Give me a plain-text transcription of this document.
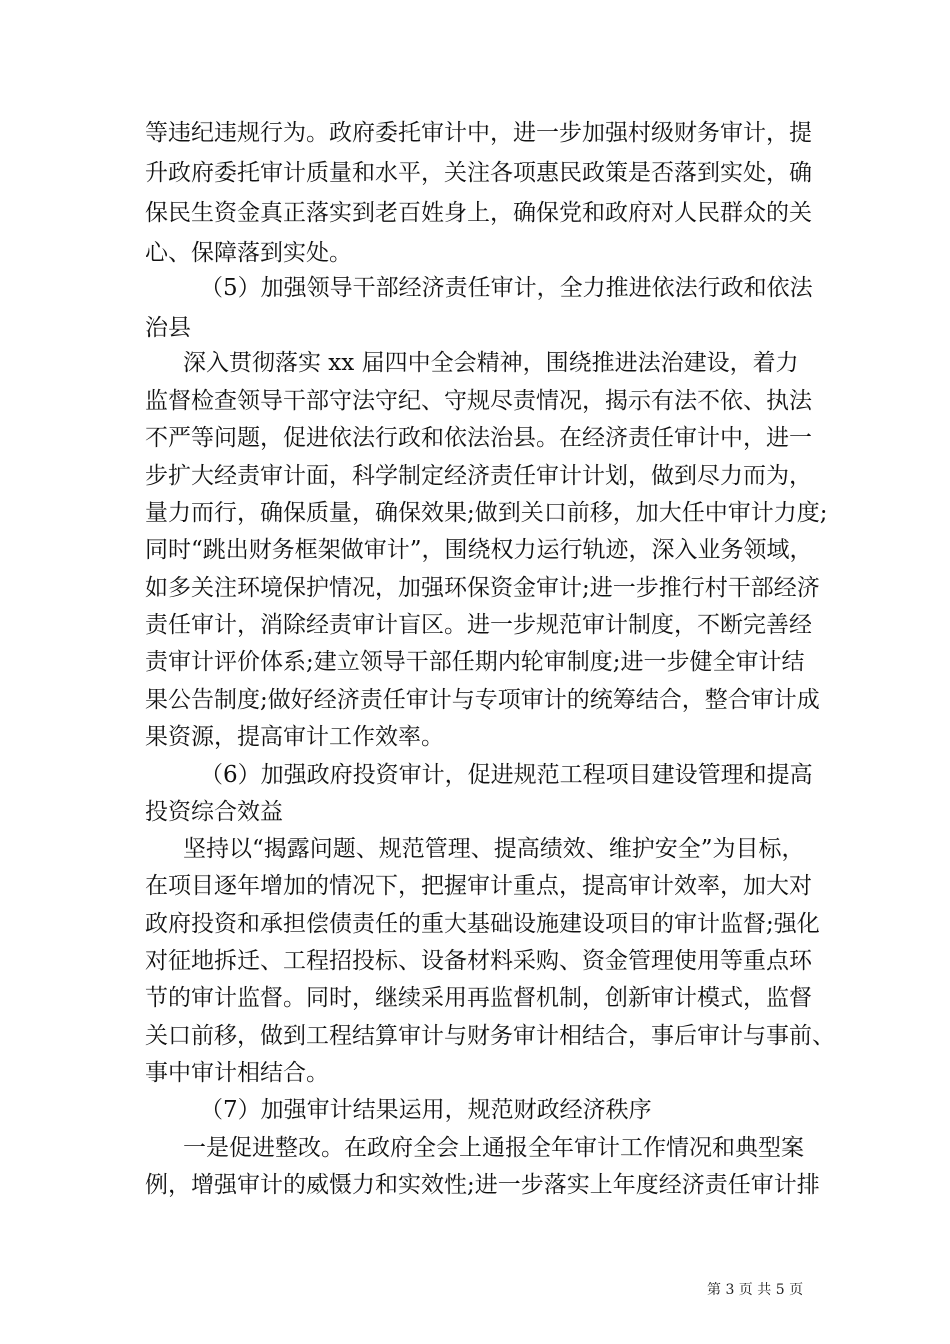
等违纪违规行为。政府委托审计中，进一步加强村级财务审计，提
升政府委托审计质量和水平，关注各项惠民政策是否落到实处，确
保民生资金真正落实到老百姓身上，确保党和政府对人民群众的关
心、保障落到实处。
（5）加强领导干部经济责任审计，全力推进依法行政和依法
治县
深入贯彻落实 xx 届四中全会精神，围绕推进法治建设，着力
监督检查领导干部守法守纪、守规尽责情况，揭示有法不依、执法
不严等问题，促进依法行政和依法治县。在经济责任审计中，进一
步扩大经责审计面，科学制定经济责任审计计划，做到尽力而为，
量力而行，确保质量，确保效果;做到关口前移，加大任中审计力度;
同时“跳出财务框架做审计”，围绕权力运行轨迹，深入业务领域，
如多关注环境保护情况，加强环保资金审计;进一步推行村干部经济
责任审计，消除经责审计盲区。进一步规范审计制度，不断完善经
责审计评价体系;建立领导干部任期内轮审制度;进一步健全审计结
果公告制度;做好经济责任审计与专项审计的统筹结合，整合审计成
果资源，提高审计工作效率。
（6）加强政府投资审计，促进规范工程项目建设管理和提高
投资综合效益
坚持以“揭露问题、规范管理、提高绩效、维护安全”为目标，
在项目逐年增加的情况下，把握审计重点，提高审计效率，加大对
政府投资和承担偿债责任的重大基础设施建设项目的审计监督;强化
对征地拆迁、工程招投标、设备材料采购、资金管理使用等重点环
节的审计监督。同时，继续采用再监督机制，创新审计模式，监督
关口前移，做到工程结算审计与财务审计相结合，事后审计与事前、
事中审计相结合。
（7）加强审计结果运用，规范财政经济秩序
一是促进整改。在政府全会上通报全年审计工作情况和典型案
例，增强审计的威慑力和实效性;进一步落实上年度经济责任审计排
第 3 页 共 5 页
